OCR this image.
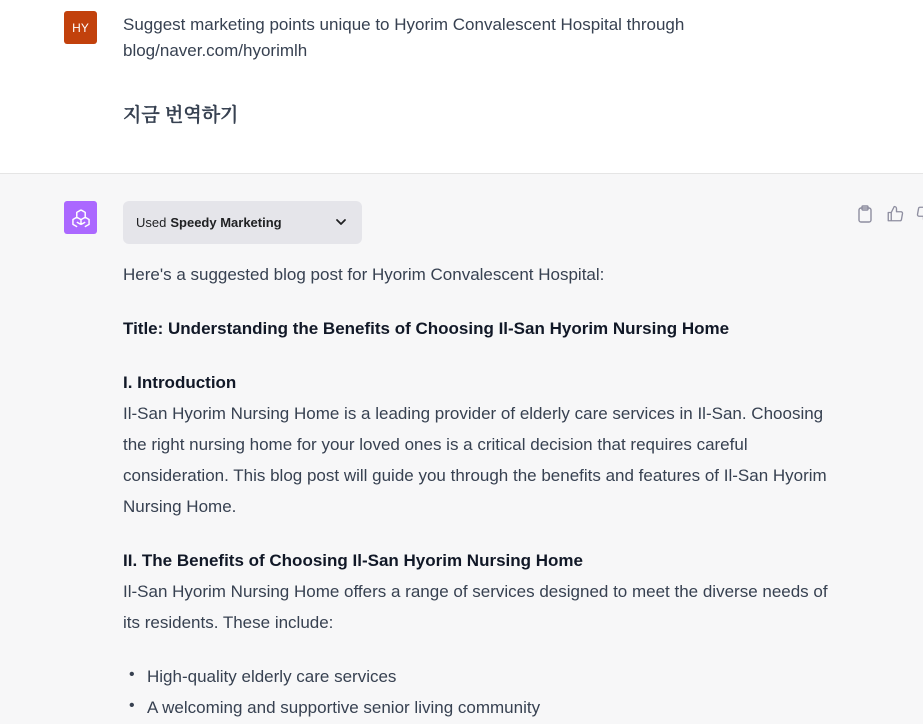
HY	Suggest marketing points unique to Hyorim Convalescent Hospital through blog/naver.com/hyorimlh
지금 번역하기
Used Speedy Marketing

Here's a suggested blog post for Hyorim Convalescent Hospital:

Title: Understanding the Benefits of Choosing Il-San Hyorim Nursing Home

I. Introduction

Il-San Hyorim Nursing Home is a leading provider of elderly care services in Il-San. Choosing the right nursing home for your loved ones is a critical decision that requires careful consideration. This blog post will guide you through the benefits and features of Il-San Hyorim Nursing Home.

II. The Benefits of Choosing Il-San Hyorim Nursing Home

Il-San Hyorim Nursing Home offers a range of services designed to meet the diverse needs of its residents. These include:

• High-quality elderly care services
• A welcoming and supportive senior living community
